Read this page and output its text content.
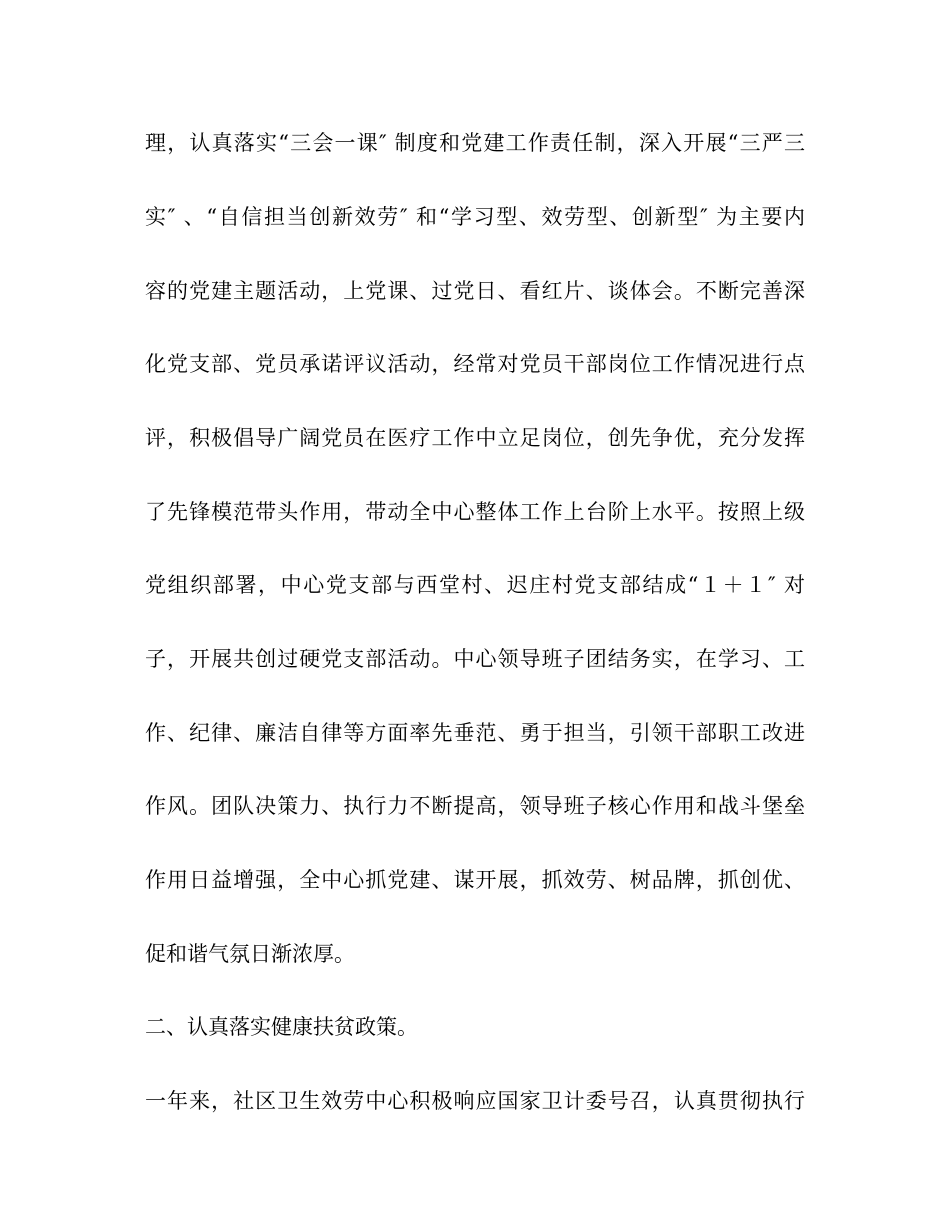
理，认真落实“三会一课″ 制度和党建工作责任制，深入开展“三严三
实″ 、“自信担当创新效劳″ 和“学习型、效劳型、创新型″ 为主要内
容的党建主题活动，上党课、过党日、看红片、谈体会。不断完善深
化党支部、党员承诺评议活动，经常对党员干部岗位工作情况进行点
评，积极倡导广阔党员在医疗工作中立足岗位，创先争优，充分发挥
了先锋模范带头作用，带动全中心整体工作上台阶上水平。按照上级
党组织部署，中心党支部与西堂村、迟庄村党支部结成“１＋１″ 对
子，开展共创过硬党支部活动。中心领导班子团结务实，在学习、工
作、纪律、廉洁自律等方面率先垂范、勇于担当，引领干部职工改进
作风。团队决策力、执行力不断提高，领导班子核心作用和战斗堡垒
作用日益增强，全中心抓党建、谋开展，抓效劳、树品牌，抓创优、
促和谐气氛日渐浓厚。
二、认真落实健康扶贫政策。
一年来，社区卫生效劳中心积极响应国家卫计委号召，认真贯彻执行
